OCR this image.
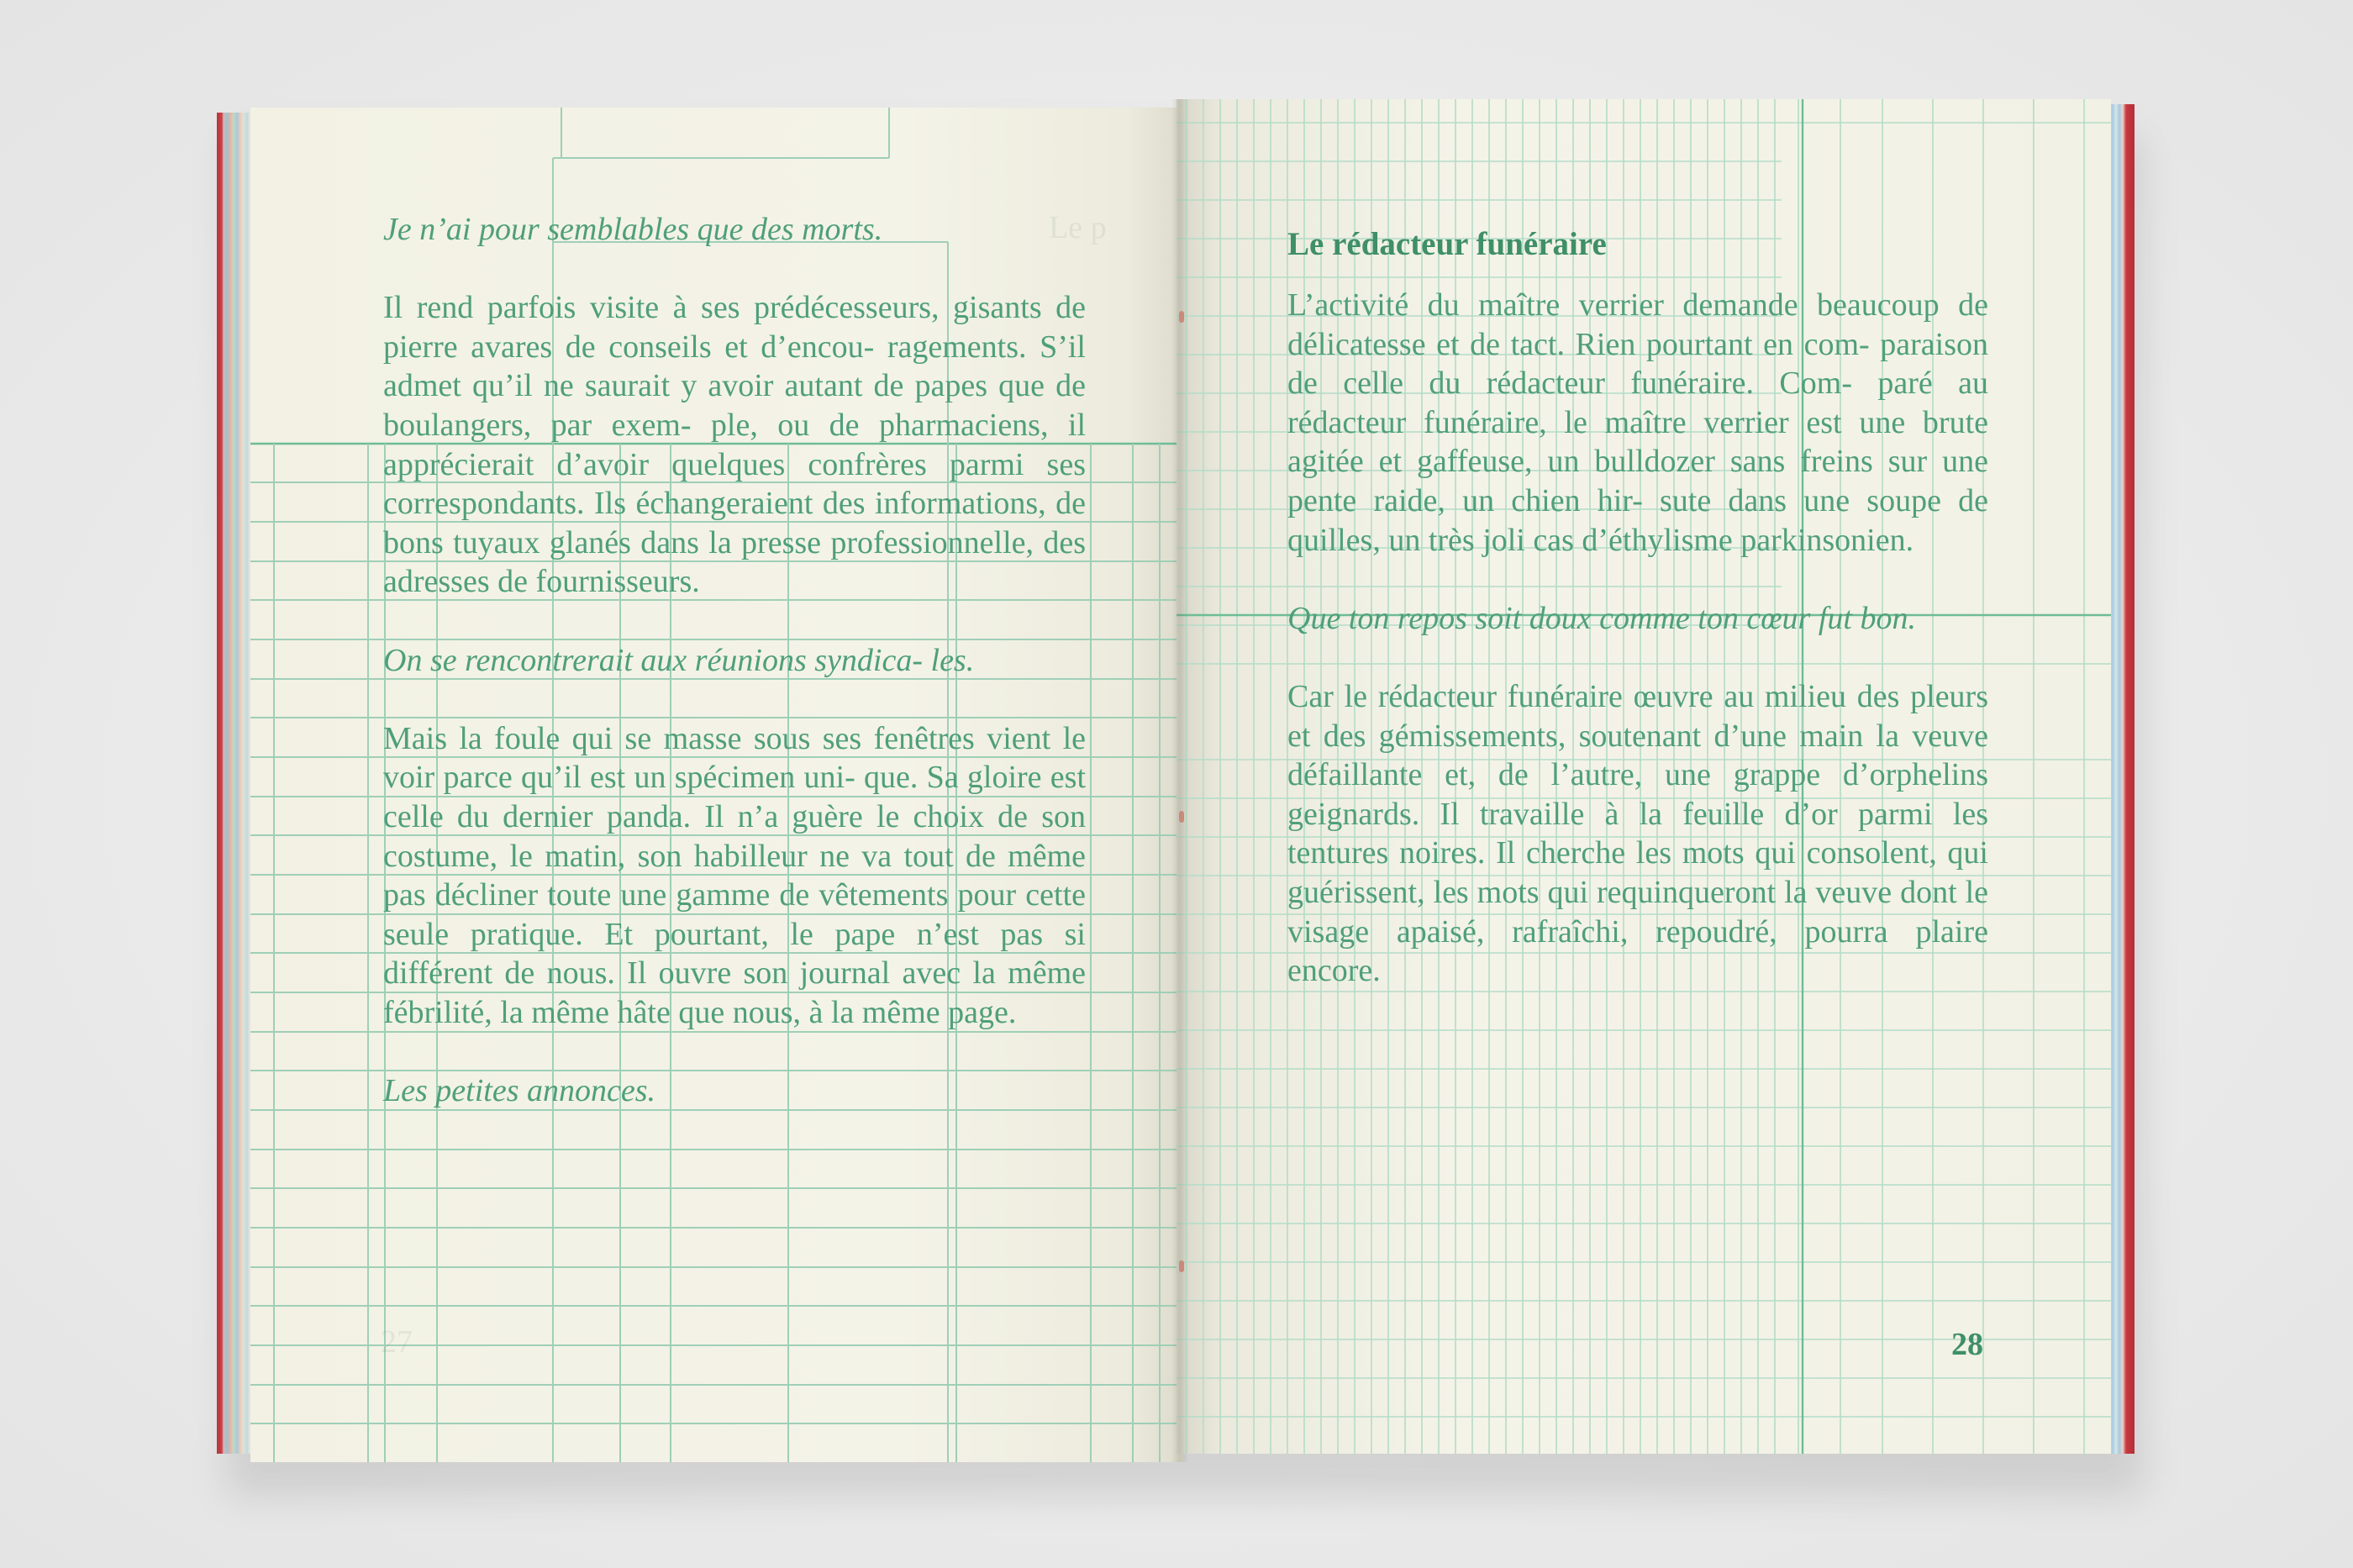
Le p
27

Je n’ai pour semblables que des morts.

Il rend parfois visite à ses prédécesseurs, gisants de pierre avares de conseils et d’encou- ragements. S’il admet qu’il ne saurait y avoir autant de papes que de boulangers, par exem- ple, ou de pharmaciens, il apprécierait d’avoir quelques confrères parmi ses correspondants. Ils échangeraient des informations, de bons tuyaux glanés dans la presse professionnelle, des adresses de fournisseurs.

On se rencontrerait aux réunions syndica- les.

Mais la foule qui se masse sous ses fenêtres vient le voir parce qu’il est un spécimen uni- que. Sa gloire est celle du dernier panda. Il n’a guère le choix de son costume, le matin, son habilleur ne va tout de même pas décliner toute une gamme de vêtements pour cette seule pratique. Et pourtant, le pape n’est pas si différent de nous. Il ouvre son journal avec la même fébrilité, la même hâte que nous, à la même page.

Les petites annonces.

Le rédacteur funéraire

L’activité du maître verrier demande beaucoup de délicatesse et de tact. Rien pourtant en com- paraison de celle du rédacteur funéraire. Com- paré au rédacteur funéraire, le maître verrier est une brute agitée et gaffeuse, un bulldozer sans freins sur une pente raide, un chien hir- sute dans une soupe de quilles, un très joli cas d’éthylisme parkinsonien.

Que ton repos soit doux comme ton cœur fut bon.

Car le rédacteur funéraire œuvre au milieu des pleurs et des gémissements, soutenant d’une main la veuve défaillante et, de l’autre, une grappe d’orphelins geignards. Il travaille à la feuille d’or parmi les tentures noires. Il cherche les mots qui consolent, qui guérissent, les mots qui requinqueront la veuve dont le visage apaisé, rafraîchi, repoudré, pourra plaire encore.

28
